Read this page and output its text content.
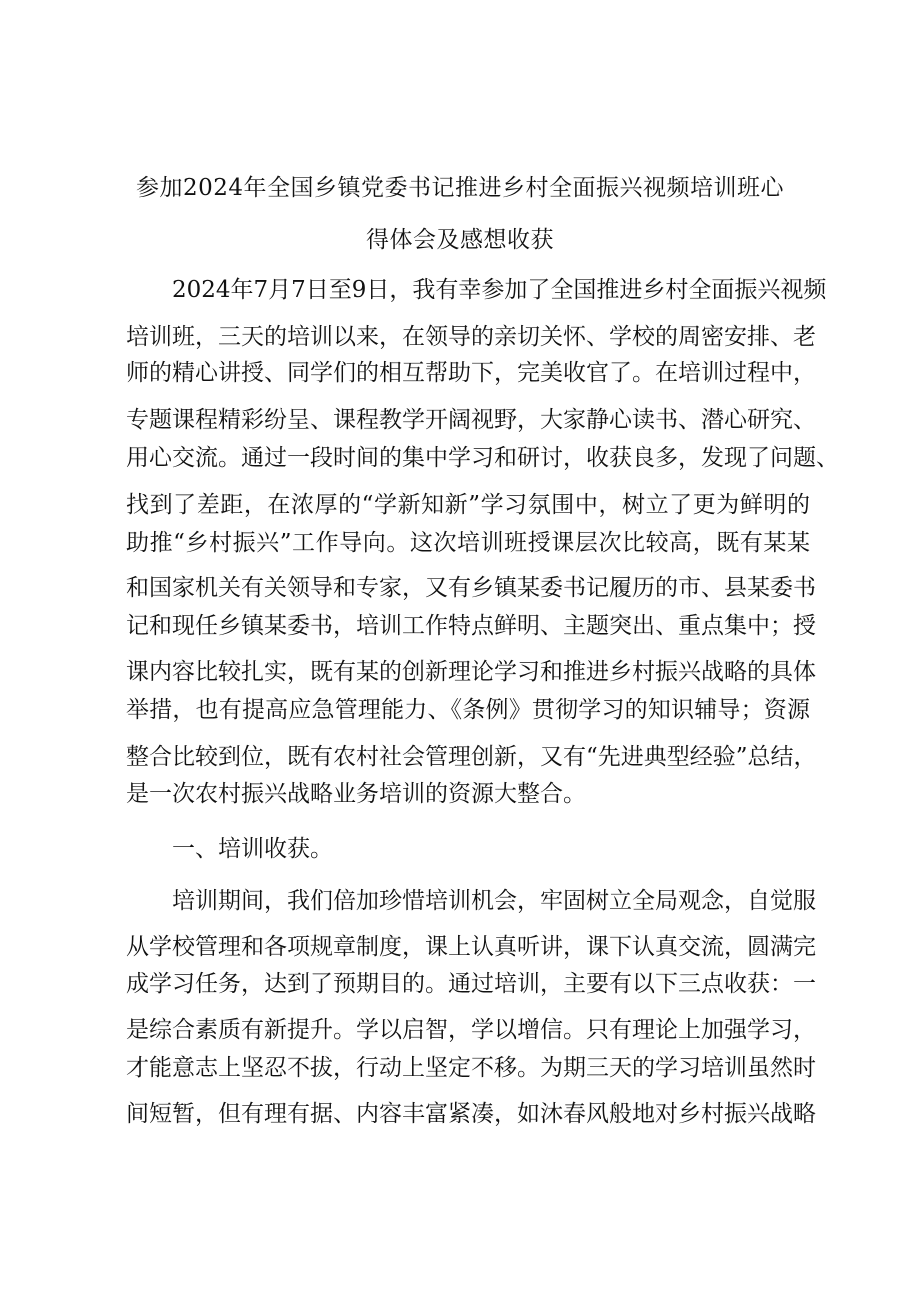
参加2024年全国乡镇党委书记推进乡村全面振兴视频培训班心
得体会及感想收获
2024年7月7日至9日，我有幸参加了全国推进乡村全面振兴视频
培训班，三天的培训以来，在领导的亲切关怀、学校的周密安排、老
师的精心讲授、同学们的相互帮助下，完美收官了。在培训过程中，
专题课程精彩纷呈、课程教学开阔视野，大家静心读书、潜心研究、
用心交流。通过一段时间的集中学习和研讨，收获良多，发现了问题、
找到了差距，在浓厚的“学新知新”学习氛围中，树立了更为鲜明的
助推“乡村振兴”工作导向。这次培训班授课层次比较高，既有某某
和国家机关有关领导和专家，又有乡镇某委书记履历的市、县某委书
记和现任乡镇某委书，培训工作特点鲜明、主题突出、重点集中；授
课内容比较扎实，既有某的创新理论学习和推进乡村振兴战略的具体
举措，也有提高应急管理能力、《条例》贯彻学习的知识辅导；资源
整合比较到位，既有农村社会管理创新，又有“先进典型经验”总结，
是一次农村振兴战略业务培训的资源大整合。
一、培训收获。
培训期间，我们倍加珍惜培训机会，牢固树立全局观念，自觉服
从学校管理和各项规章制度，课上认真听讲，课下认真交流，圆满完
成学习任务，达到了预期目的。通过培训，主要有以下三点收获：一
是综合素质有新提升。学以启智，学以增信。只有理论上加强学习，
才能意志上坚忍不拔，行动上坚定不移。为期三天的学习培训虽然时
间短暂，但有理有据、内容丰富紧凑，如沐春风般地对乡村振兴战略
